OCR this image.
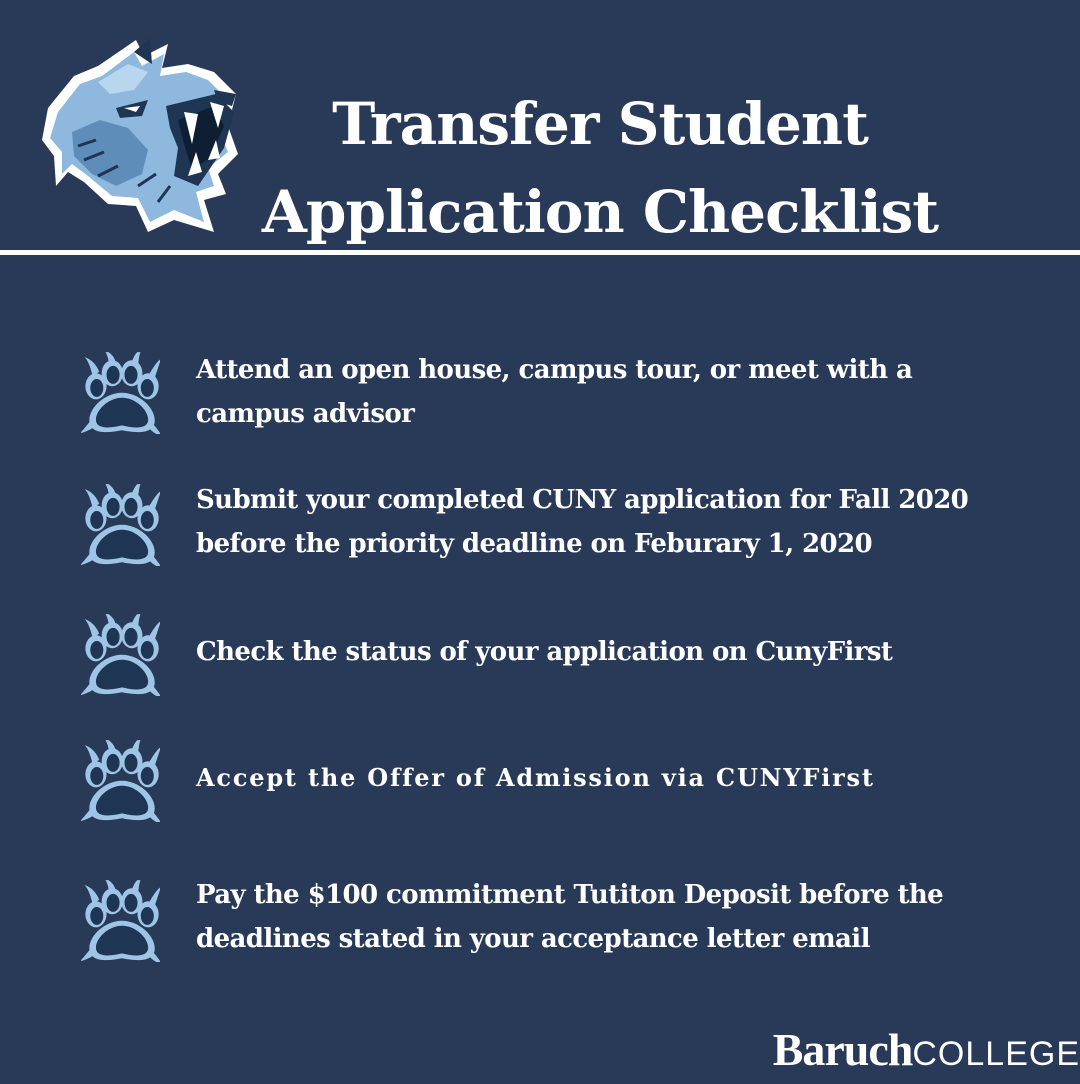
Transfer Student
Application Checklist
Attend an open house, campus tour, or meet with a
campus advisor
Submit your completed CUNY application for Fall 2020
before the priority deadline on Feburary 1, 2020
Check the status of your application on CunyFirst
Accept the Offer of Admission via CUNYFirst
Pay the $100 commitment Tutiton Deposit before the
deadlines stated in your acceptance letter email
BaruchCOLLEGE
